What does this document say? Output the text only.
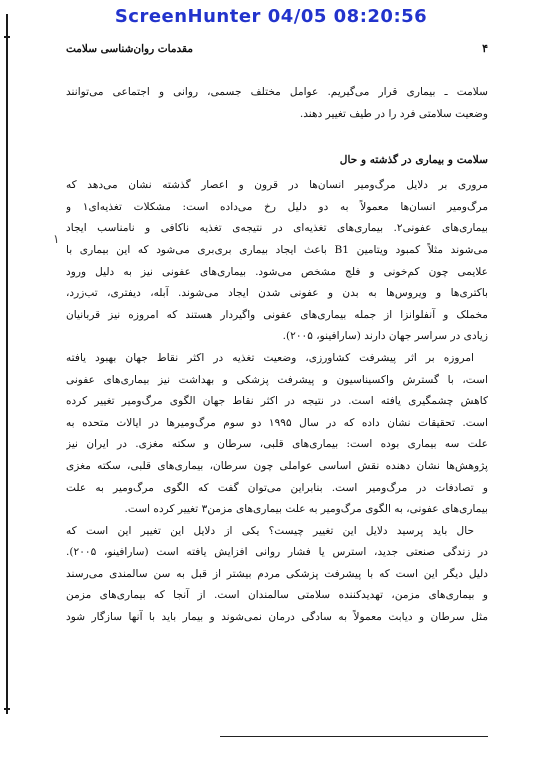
ScreenHunter 04/05 08:20:56
۴
مقدمات روان‌شناسی سلامت

سلامت ـ بیماری قرار می‌گیریم. عوامل مختلف جسمی، روانی و اجتماعی می‌توانند
وضعیت سلامتی فرد را در طیف تغییر دهند.

سلامت و بیماری در گذشته و حال

مروری بر دلایل مرگ‌ومیر انسان‌ها در قرون و اعصار گذشته نشان می‌دهد که
مرگ‌ومیر انسان‌ها معمولاً به دو دلیل رخ می‌داده است: مشکلات تغذیه‌ای۱ و
بیماری‌های عفونی۲. بیماری‌های تغذیه‌ای در نتیجه‌ی تغذیه ناکافی و نامناسب ایجاد
می‌شوند مثلاً کمبود ویتامین B1 باعث ایجاد بیماری بری‌بری می‌شود که این بیماری با
علایمی چون کم‌خونی و فلج مشخص می‌شود. بیماری‌های عفونی نیز به دلیل ورود
باکتری‌ها و ویروس‌ها به بدن و عفونی شدن ایجاد می‌شوند. آبله، دیفتری، تب‌زرد،
مخملک و آنفلوانزا از جمله بیماری‌های عفونی واگیردار هستند که امروزه نیز قربانیان
زیادی در سراسر جهان دارند (سارافینو، ۲۰۰۵).

امروزه بر اثر پیشرفت کشاورزی، وضعیت تغذیه در اکثر نقاط جهان بهبود یافته
است، با گسترش واکسیناسیون و پیشرفت پزشکی و بهداشت نیز بیماری‌های عفونی
کاهش چشمگیری یافته است. در نتیجه در اکثر نقاط جهان الگوی مرگ‌ومیر تغییر کرده
است. تحقیقات نشان داده که در سال ۱۹۹۵ دو سوم مرگ‌ومیرها در ایالات متحده به
علت سه بیماری بوده است: بیماری‌های قلبی، سرطان و سکته مغزی. در ایران نیز
پژوهش‌ها نشان دهنده نقش اساسی عواملی چون سرطان، بیماری‌های قلبی، سکته مغزی
و تصادفات در مرگ‌ومیر است. بنابراین می‌توان گفت که الگوی مرگ‌ومیر به علت
بیماری‌های عفونی، به الگوی مرگ‌ومیر به علت بیماری‌های مزمن۳ تغییر کرده است.

حال باید پرسید دلایل این تغییر چیست؟ یکی از دلایل این تغییر این است که
در زندگی صنعتی جدید، استرس یا فشار روانی افزایش یافته است (سارافینو، ۲۰۰۵).
دلیل دیگر این است که با پیشرفت پزشکی مردم بیشتر از قبل به سن سالمندی می‌رسند
و بیماری‌های مزمن، تهدیدکننده سلامتی سالمندان است. از آنجا که بیماری‌های مزمن
مثل سرطان و دیابت معمولاً به سادگی درمان نمی‌شوند و بیمار باید با آنها سازگار شود

۱
